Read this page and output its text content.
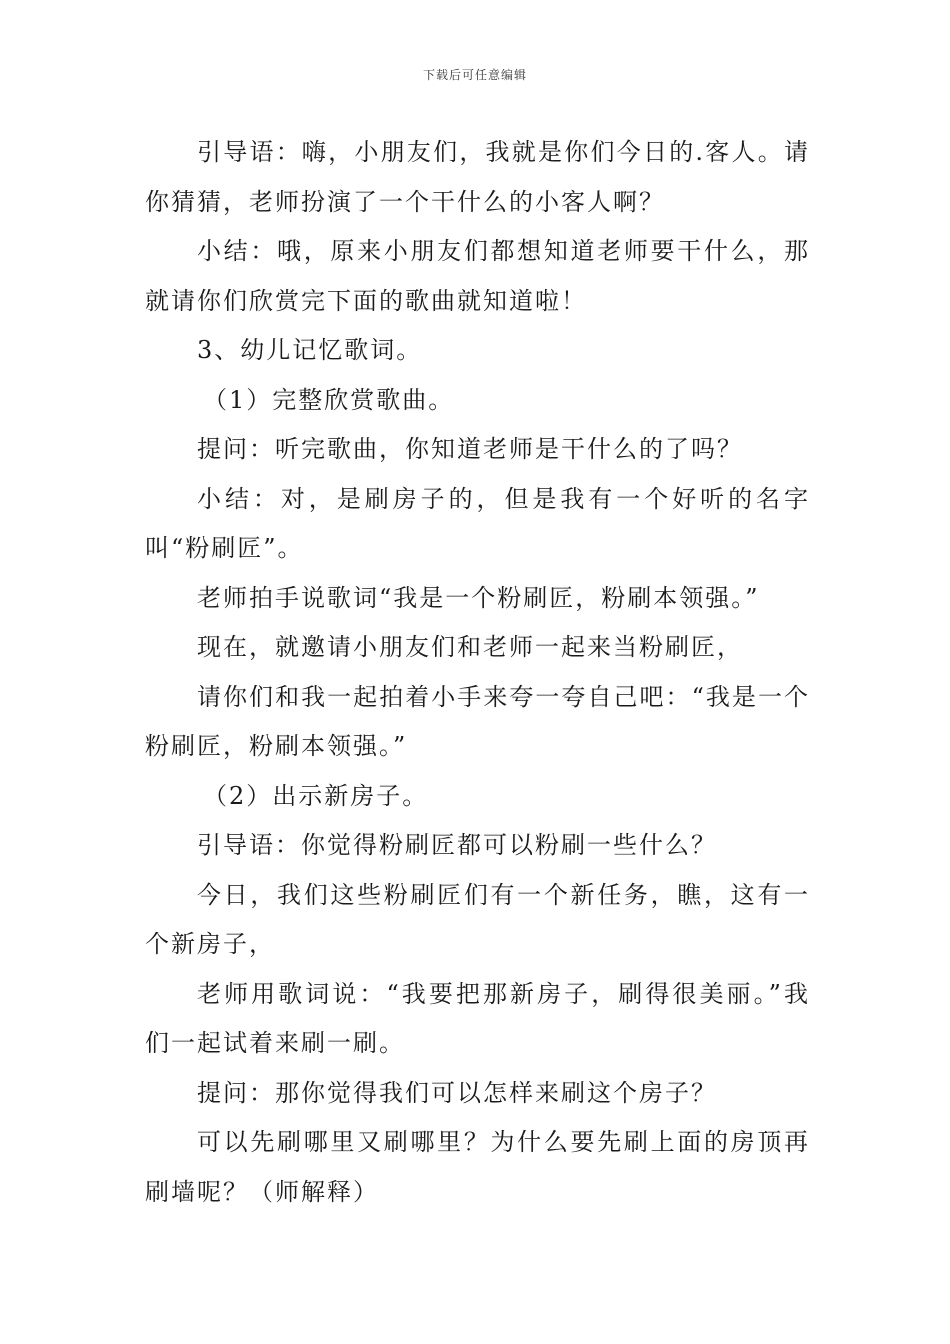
下载后可任意编辑

引导语：嗨，小朋友们，我就是你们今日的.客人。请你猜猜，老师扮演了一个干什么的小客人啊？

小结：哦，原来小朋友们都想知道老师要干什么，那就请你们欣赏完下面的歌曲就知道啦！

3、幼儿记忆歌词。

（1）完整欣赏歌曲。

提问：听完歌曲，你知道老师是干什么的了吗？

小结：对，是刷房子的，但是我有一个好听的名字叫“粉刷匠”。

老师拍手说歌词“我是一个粉刷匠，粉刷本领强。”

现在，就邀请小朋友们和老师一起来当粉刷匠，

请你们和我一起拍着小手来夸一夸自己吧：“我是一个粉刷匠，粉刷本领强。”

（2）出示新房子。

引导语：你觉得粉刷匠都可以粉刷一些什么？

今日，我们这些粉刷匠们有一个新任务，瞧，这有一个新房子，

老师用歌词说：“我要把那新房子，刷得很美丽。”我们一起试着来刷一刷。

提问：那你觉得我们可以怎样来刷这个房子？

可以先刷哪里又刷哪里？为什么要先刷上面的房顶再刷墙呢？（师解释）
